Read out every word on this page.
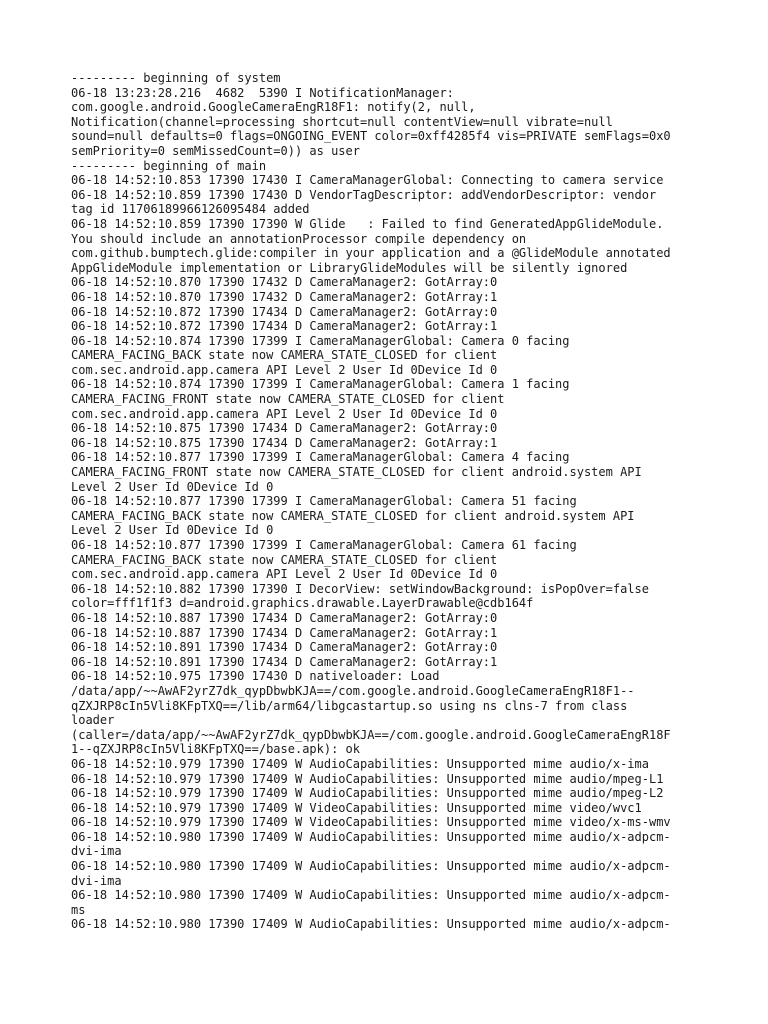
--------- beginning of system
06-18 13:23:28.216  4682  5390 I NotificationManager:
com.google.android.GoogleCameraEngR18F1: notify(2, null,
Notification(channel=processing shortcut=null contentView=null vibrate=null
sound=null defaults=0 flags=ONGOING_EVENT color=0xff4285f4 vis=PRIVATE semFlags=0x0
semPriority=0 semMissedCount=0)) as user
--------- beginning of main
06-18 14:52:10.853 17390 17430 I CameraManagerGlobal: Connecting to camera service
06-18 14:52:10.859 17390 17430 D VendorTagDescriptor: addVendorDescriptor: vendor
tag id 11706189966126095484 added
06-18 14:52:10.859 17390 17390 W Glide   : Failed to find GeneratedAppGlideModule.
You should include an annotationProcessor compile dependency on
com.github.bumptech.glide:compiler in your application and a @GlideModule annotated
AppGlideModule implementation or LibraryGlideModules will be silently ignored
06-18 14:52:10.870 17390 17432 D CameraManager2: GotArray:0
06-18 14:52:10.870 17390 17432 D CameraManager2: GotArray:1
06-18 14:52:10.872 17390 17434 D CameraManager2: GotArray:0
06-18 14:52:10.872 17390 17434 D CameraManager2: GotArray:1
06-18 14:52:10.874 17390 17399 I CameraManagerGlobal: Camera 0 facing
CAMERA_FACING_BACK state now CAMERA_STATE_CLOSED for client
com.sec.android.app.camera API Level 2 User Id 0Device Id 0
06-18 14:52:10.874 17390 17399 I CameraManagerGlobal: Camera 1 facing
CAMERA_FACING_FRONT state now CAMERA_STATE_CLOSED for client
com.sec.android.app.camera API Level 2 User Id 0Device Id 0
06-18 14:52:10.875 17390 17434 D CameraManager2: GotArray:0
06-18 14:52:10.875 17390 17434 D CameraManager2: GotArray:1
06-18 14:52:10.877 17390 17399 I CameraManagerGlobal: Camera 4 facing
CAMERA_FACING_FRONT state now CAMERA_STATE_CLOSED for client android.system API
Level 2 User Id 0Device Id 0
06-18 14:52:10.877 17390 17399 I CameraManagerGlobal: Camera 51 facing
CAMERA_FACING_BACK state now CAMERA_STATE_CLOSED for client android.system API
Level 2 User Id 0Device Id 0
06-18 14:52:10.877 17390 17399 I CameraManagerGlobal: Camera 61 facing
CAMERA_FACING_BACK state now CAMERA_STATE_CLOSED for client
com.sec.android.app.camera API Level 2 User Id 0Device Id 0
06-18 14:52:10.882 17390 17390 I DecorView: setWindowBackground: isPopOver=false
color=fff1f1f3 d=android.graphics.drawable.LayerDrawable@cdb164f
06-18 14:52:10.887 17390 17434 D CameraManager2: GotArray:0
06-18 14:52:10.887 17390 17434 D CameraManager2: GotArray:1
06-18 14:52:10.891 17390 17434 D CameraManager2: GotArray:0
06-18 14:52:10.891 17390 17434 D CameraManager2: GotArray:1
06-18 14:52:10.975 17390 17430 D nativeloader: Load
/data/app/~~AwAF2yrZ7dk_qypDbwbKJA==/com.google.android.GoogleCameraEngR18F1--
qZXJRP8cIn5Vli8KFpTXQ==/lib/arm64/libgcastartup.so using ns clns-7 from class
loader
(caller=/data/app/~~AwAF2yrZ7dk_qypDbwbKJA==/com.google.android.GoogleCameraEngR18F
1--qZXJRP8cIn5Vli8KFpTXQ==/base.apk): ok
06-18 14:52:10.979 17390 17409 W AudioCapabilities: Unsupported mime audio/x-ima
06-18 14:52:10.979 17390 17409 W AudioCapabilities: Unsupported mime audio/mpeg-L1
06-18 14:52:10.979 17390 17409 W AudioCapabilities: Unsupported mime audio/mpeg-L2
06-18 14:52:10.979 17390 17409 W VideoCapabilities: Unsupported mime video/wvc1
06-18 14:52:10.979 17390 17409 W VideoCapabilities: Unsupported mime video/x-ms-wmv
06-18 14:52:10.980 17390 17409 W AudioCapabilities: Unsupported mime audio/x-adpcm-
dvi-ima
06-18 14:52:10.980 17390 17409 W AudioCapabilities: Unsupported mime audio/x-adpcm-
dvi-ima
06-18 14:52:10.980 17390 17409 W AudioCapabilities: Unsupported mime audio/x-adpcm-
ms
06-18 14:52:10.980 17390 17409 W AudioCapabilities: Unsupported mime audio/x-adpcm-
